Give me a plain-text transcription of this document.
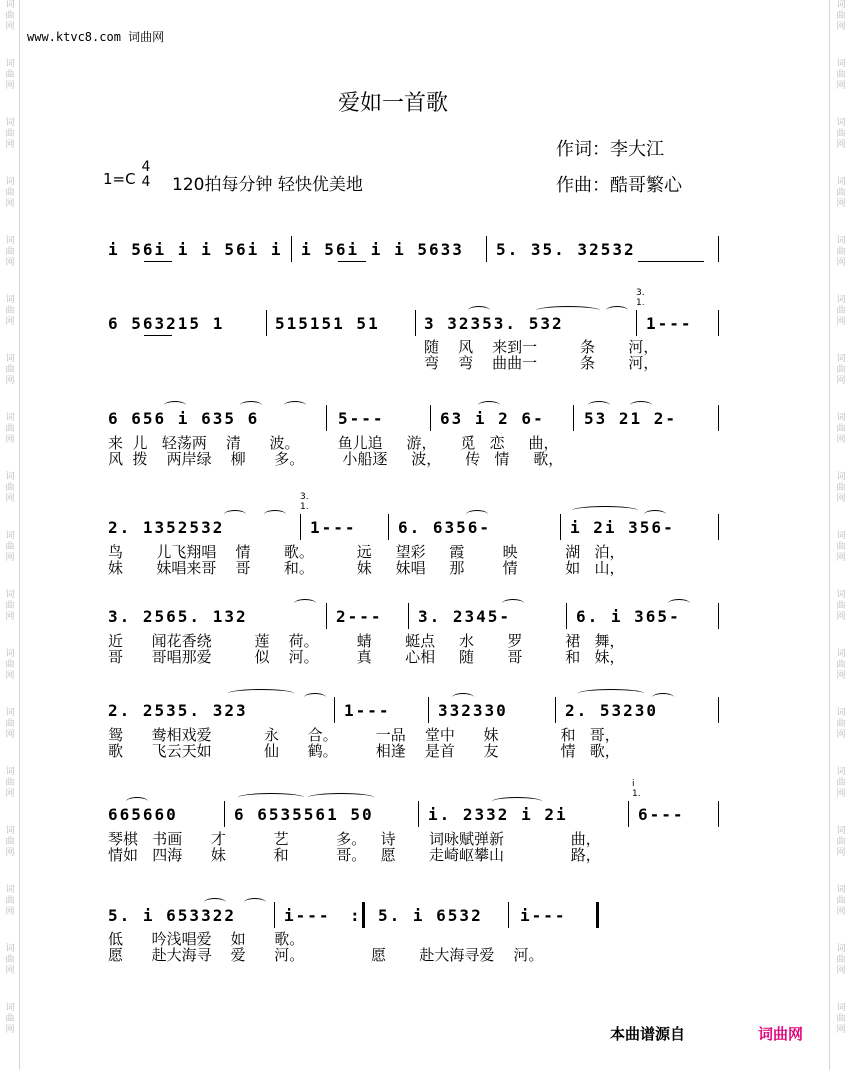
词
曲
网
词
曲
网
词
曲
网
词
曲
网
词
曲
网
词
曲
网
词
曲
网
词
曲
网
词
曲
网
词
曲
网
词
曲
网
词
曲
网
词
曲
网
词
曲
网
词
曲
网
词
曲
网
词
曲
网
词
曲
网
词
曲
网
词
曲
网
词
曲
网
词
曲
网
词
曲
网
词
曲
网
词
曲
网
词
曲
网
词
曲
网
词
曲
网
词
曲
网
词
曲
网
词
曲
网
词
曲
网
词
曲
网
词
曲
网
词
曲
网
词
曲
网
www.ktvc8.com 词曲网
爱如一首歌
作词：李大江
作曲：酷哥繁心
1=C
4
4 120拍每分钟 轻快优美地
i 56i i i 56i i i 56i i i 5633 5. 35. 32532
6 563215 1	515151 51	3 32353. 532
3.
1.
1---
随    风    来到一         条       河，
弯    弯    曲曲一         条       河，
6 656 i 635 6	5---	63 i 2 6- 53 21 2-
来  儿   轻荡两    清      波。        鱼儿追     游，     觅   恋     曲，
风  拨    两岸绿    柳      多。        小船逐     波，     传   情     歌，
2. 1352532
3.
1.
1---	6. 6356-	i 2i 356-
鸟       儿飞翔唱    情       歌。         远     望彩     霞        映          湖   泊，
妹       妹唱来哥    哥       和。         妹     妹唱     那        情          如   山，
3. 2565. 132	2--- 3. 2345-	6. i 365-
近      闻花香绕         莲    荷。        蜻       蜓点     水       罗         裙   舞，
哥      哥唱那爱         似    河。        真       心相     随       哥         和   妹，
2. 2535. 323	1---	332330	2. 53230
鸳      鸯相戏爱           永      合。        一品    堂中      妹             和   哥，
歌      飞云天如           仙      鹤。        相逢    是首      友             情   歌，
665660	6 6535561 50	i. 2332 i 2i
i
1.
6---
琴棋   书画      才          艺          多。   诗       词咏赋弹新              曲，
情如   四海      妹          和          哥。   愿       走崎岖攀山              路，
5. i 653322	i--- : 5. i 6532 i---
低      吟浅唱爱    如      歌。
愿      赴大海寻    爱      河。              愿       赴大海寻爱    河。
本曲谱源自	词曲网
